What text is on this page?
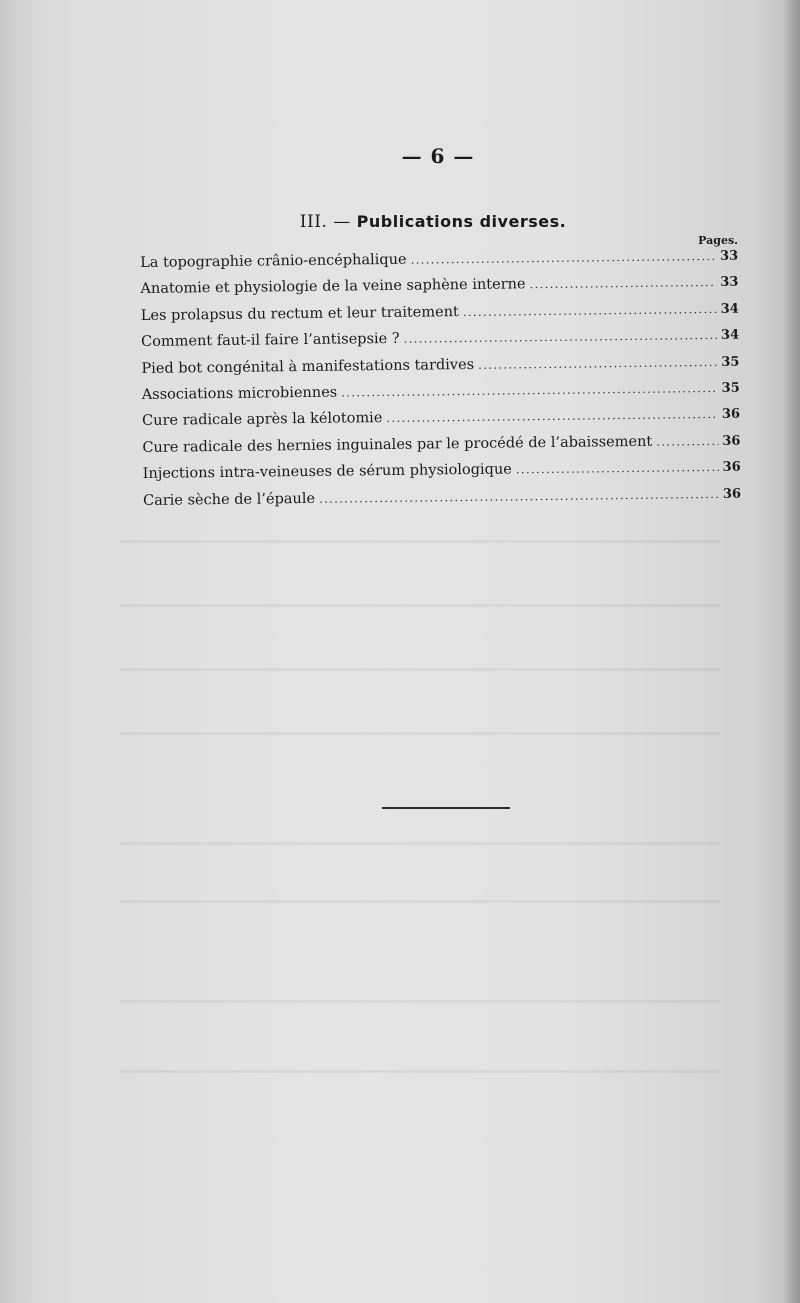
— 6 —
III. — Publications diverses.
Pages.
La topographie crânio-encéphalique .....	33
Anatomie et physiologie de la veine saphène interne .....	33
Les prolapsus du rectum et leur traitement .....	34
Comment faut-il faire l’antisepsie ? .....	34
Pied bot congénital à manifestations tardives .....	35
Associations microbiennes .....	35
Cure radicale après la kélotomie .....	36
Cure radicale des hernies inguinales par le procédé de l’abaissement .....	36
Injections intra-veineuses de sérum physiologique .....	36
Carie sèche de l’épaule .....	36
